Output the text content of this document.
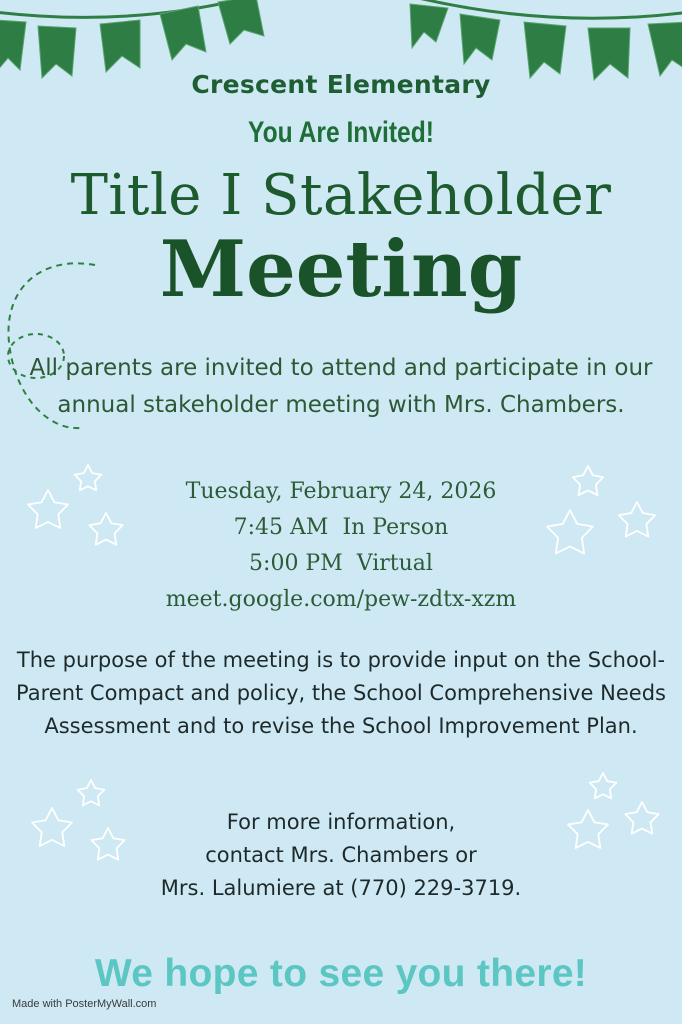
Crescent Elementary
You Are Invited!
Title I Stakeholder
Meeting
All parents are invited to attend and participate in our annual stakeholder meeting with Mrs. Chambers.
Tuesday, February 24, 2026
7:45 AM  In Person
5:00 PM  Virtual
meet.google.com/pew-zdtx-xzm
The purpose of the meeting is to provide input on the School-Parent Compact and policy, the School Comprehensive Needs Assessment and to revise the School Improvement Plan.
For more information,
contact Mrs. Chambers or
Mrs. Lalumiere at (770) 229-3719.
We hope to see you there!
Made with PosterMyWall.com
